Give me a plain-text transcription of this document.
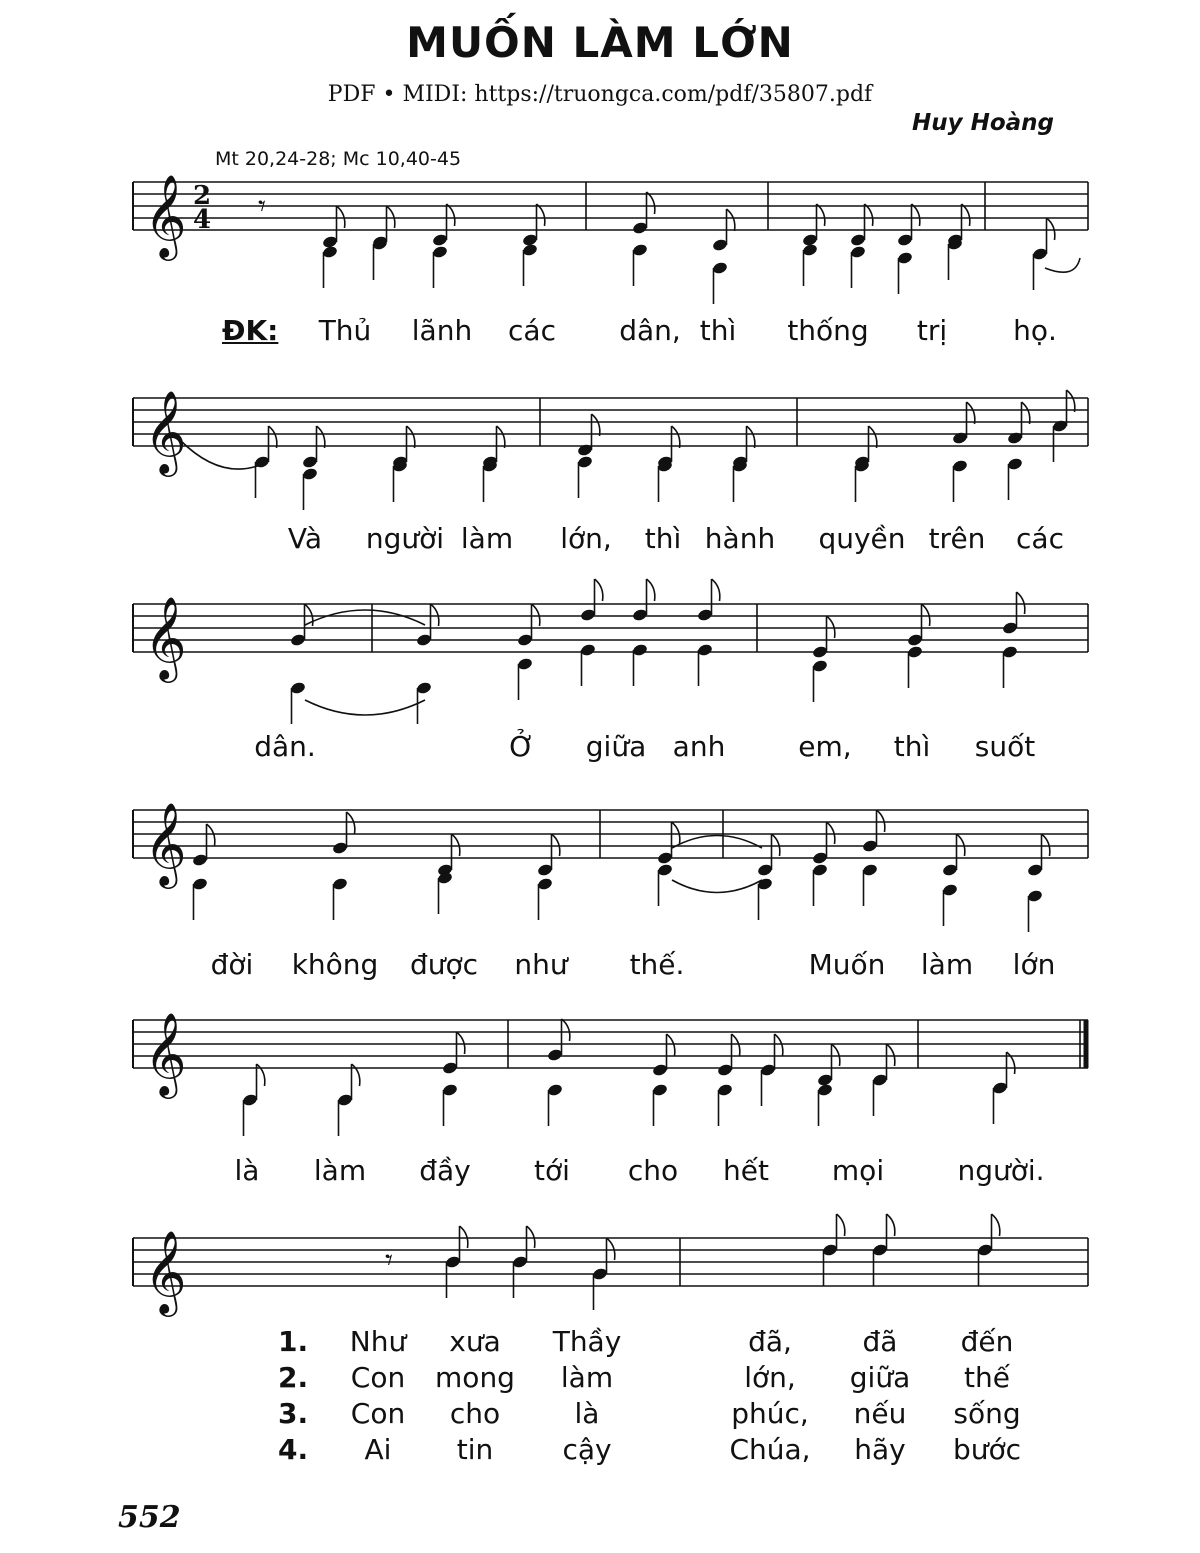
MUỐN LÀM LỚN
PDF • MIDI: https://truongca.com/pdf/35807.pdf
Huy Hoàng
Mt 20,24-28; Mc 10,40-45
𝄞 2
4
𝄞
𝄞
𝄞
𝄞
𝄞
𝄾
𝄾
ĐK: Thủ lãnh các dân, thì thống trị họ.
Và người làm lớn, thì hành quyền trên các
dân.	Ở giữa anh	em, thì suốt
đời không được như thế.	Muốn làm lớn
là làm đầy tới cho hết mọi	người.
1. Như xưa Thầy	đã,	đã đến
2. Con mong làm	lớn, giữa thế
3. Con cho	là	phúc, nếu sống
4. Ai tin cậy	Chúa, hãy bước
552
